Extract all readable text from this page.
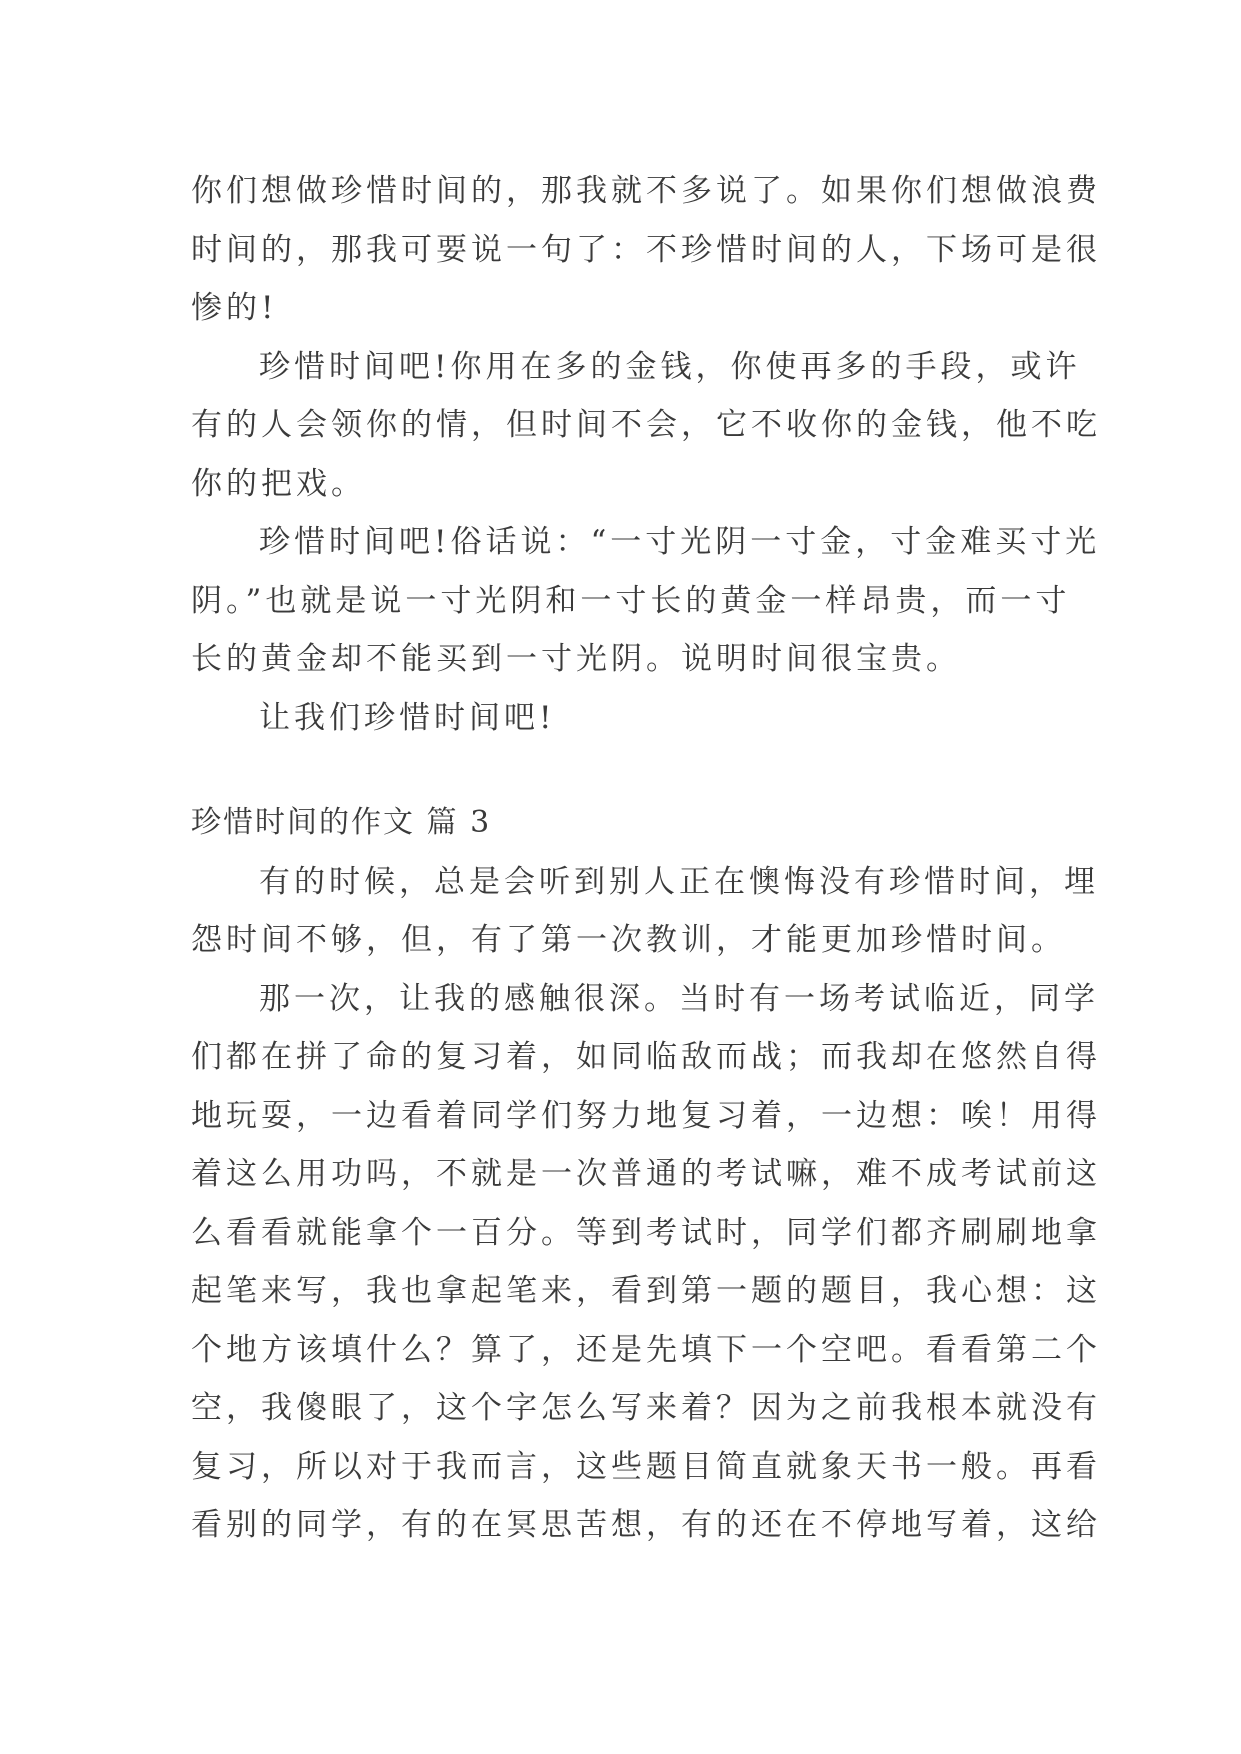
你们想做珍惜时间的，那我就不多说了。如果你们想做浪费
时间的，那我可要说一句了：不珍惜时间的人，下场可是很
惨的!
珍惜时间吧!你用在多的金钱，你使再多的手段，或许
有的人会领你的情，但时间不会，它不收你的金钱，他不吃
你的把戏。
珍惜时间吧!俗话说：“一寸光阴一寸金，寸金难买寸光
阴。”也就是说一寸光阴和一寸长的黄金一样昂贵，而一寸
长的黄金却不能买到一寸光阴。说明时间很宝贵。
让我们珍惜时间吧!
珍惜时间的作文 篇 3
有的时候，总是会听到别人正在懊悔没有珍惜时间，埋
怨时间不够，但，有了第一次教训，才能更加珍惜时间。
那一次，让我的感触很深。当时有一场考试临近，同学
们都在拼了命的复习着，如同临敌而战；而我却在悠然自得
地玩耍，一边看着同学们努力地复习着，一边想：唉！用得
着这么用功吗，不就是一次普通的考试嘛，难不成考试前这
么看看就能拿个一百分。等到考试时，同学们都齐刷刷地拿
起笔来写，我也拿起笔来，看到第一题的题目，我心想：这
个地方该填什么？算了，还是先填下一个空吧。看看第二个
空，我傻眼了，这个字怎么写来着？因为之前我根本就没有
复习，所以对于我而言，这些题目简直就象天书一般。再看
看别的同学，有的在冥思苦想，有的还在不停地写着，这给
